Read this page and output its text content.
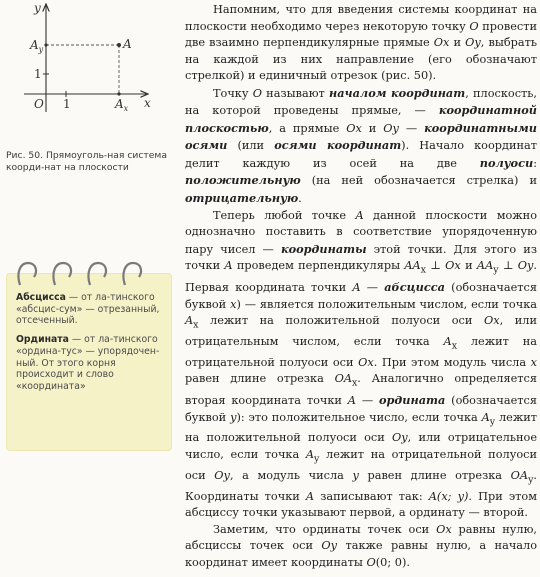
y
x
A
$A_y$
$A_x$
O 1
1
Рис. 50. Прямоуголь-ная система коорди-нат на плоскости

Абсцисса — от ла-тинского «абсцис-сум» — отрезанный, отсеченный.

Ордината — от ла-тинского «ордина-тус» — упорядочен-ный. От этого корня происходит и слово «координата»

Напомним, что для введения системы координат на плоскости необходимо через некоторую точку O провести две взаимно перпендикулярные прямые Ox и Oy, выбрать на каждой из них направление (его обозначают стрелкой) и единичный отрезок (рис. 50).

Точку O называют началом координат, плоскость, на которой проведены прямые, — координатной плоскостью, а прямые Ox и Oy — координатными осями (или осями координат). Начало координат делит каждую из осей на две полуоси: положительную (на ней обозначается стрелка) и отрицательную.

Теперь любой точке A данной плоскости можно однозначно поставить в соответствие упорядоченную пару чисел — координаты этой точки. Для этого из точки A проведем перпендикуляры $AA_x$ ⊥ Ox и $AA_y$ ⊥ Oy. Первая координата точки A — абсцисса (обозначается буквой x) — является положительным числом, если точка $A_x$ лежит на положительной полуоси оси Ox, или отрицательным числом, если точка $A_x$ лежит на отрицательной полуоси оси Ox. При этом модуль числа x равен длине отрезка $OA_x$. Аналогично определяется вторая координата точки A — ордината (обозначается буквой y): это положительное число, если точка $A_y$ лежит на положительной полуоси оси Oy, или отрицательное число, если точка $A_y$ лежит на отрицательной полуоси оси Oy, а модуль числа y равен длине отрезка $OA_y$. Координаты точки A записывают так: A(x; y). При этом абсциссу точки указывают первой, а ординату — второй.

Заметим, что ординаты точек оси Ox равны нулю, абсциссы точек оси Oy также равны нулю, а начало координат имеет координаты O(0; 0).
